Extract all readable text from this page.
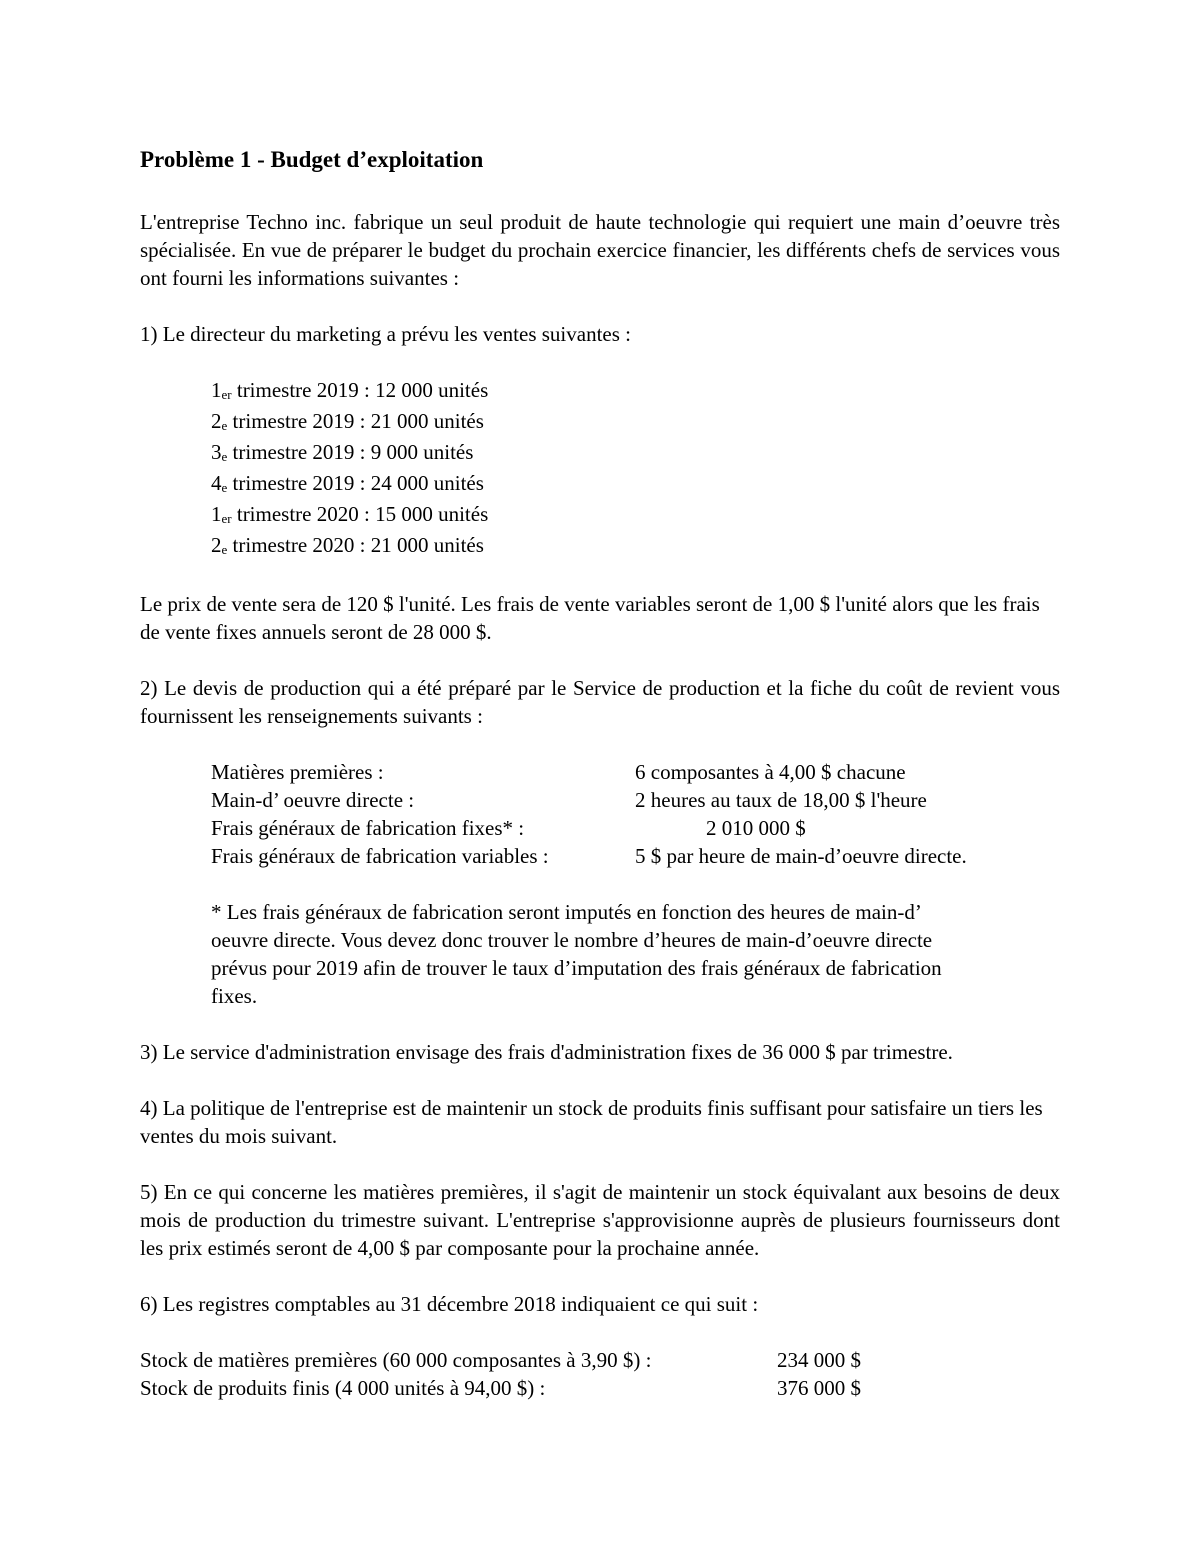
Problème 1 - Budget d’exploitation

L'entreprise Techno inc. fabrique un seul produit de haute technologie qui requiert une main d’oeuvre très spécialisée. En vue de préparer le budget du prochain exercice financier, les différents chefs de services vous ont fourni les informations suivantes :

1) Le directeur du marketing a prévu les ventes suivantes :

1er trimestre 2019 : 12 000 unités
2e trimestre 2019 : 21 000 unités
3e trimestre 2019 : 9 000 unités
4e trimestre 2019 : 24 000 unités
1er trimestre 2020 : 15 000 unités
2e trimestre 2020 : 21 000 unités

Le prix de vente sera de 120 $ l'unité. Les frais de vente variables seront de 1,00 $ l'unité alors que les frais de vente fixes annuels seront de 28 000 $.

2) Le devis de production qui a été préparé par le Service de production et la fiche du coût de revient vous fournissent les renseignements suivants :

Matières premières :	6 composantes à 4,00 $ chacune
Main-d’ oeuvre directe :	2 heures au taux de 18,00 $ l'heure
Frais généraux de fabrication fixes* :	2 010 000 $
Frais généraux de fabrication variables :	5 $ par heure de main-d’oeuvre directe.

* Les frais généraux de fabrication seront imputés en fonction des heures de main-d’ oeuvre directe. Vous devez donc trouver le nombre d’heures de main-d’oeuvre directe prévus pour 2019 afin de trouver le taux d’imputation des frais généraux de fabrication fixes.

3) Le service d'administration envisage des frais d'administration fixes de 36 000 $ par trimestre.

4) La politique de l'entreprise est de maintenir un stock de produits finis suffisant pour satisfaire un tiers les ventes du mois suivant.

5) En ce qui concerne les matières premières, il s'agit de maintenir un stock équivalant aux besoins de deux mois de production du trimestre suivant. L'entreprise s'approvisionne auprès de plusieurs fournisseurs dont les prix estimés seront de 4,00 $ par composante pour la prochaine année.

6) Les registres comptables au 31 décembre 2018 indiquaient ce qui suit :

Stock de matières premières (60 000 composantes à 3,90 $) :	234 000 $
Stock de produits finis (4 000 unités à 94,00 $) :	376 000 $
